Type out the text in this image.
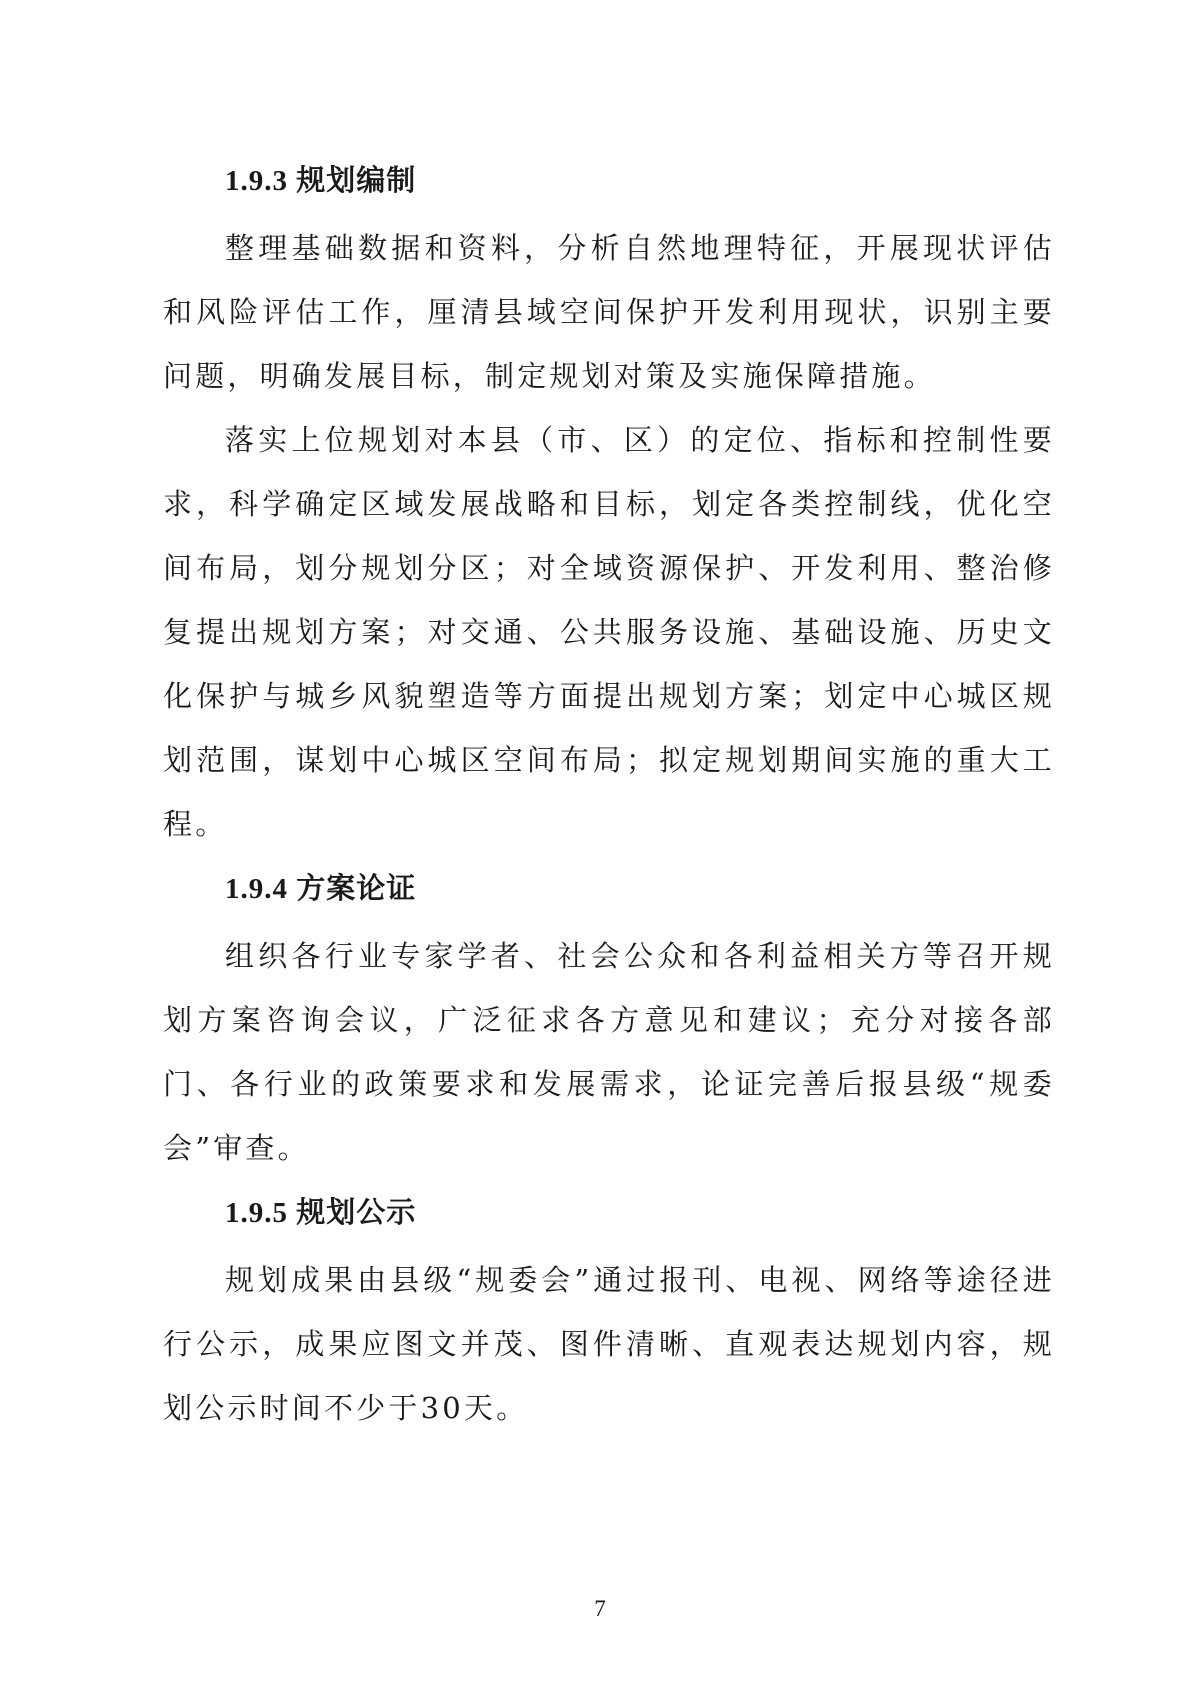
1.9.3 规划编制

整理基础数据和资料，分析自然地理特征，开展现状评估和风险评估工作，厘清县域空间保护开发利用现状，识别主要问题，明确发展目标，制定规划对策及实施保障措施。

落实上位规划对本县（市、区）的定位、指标和控制性要求，科学确定区域发展战略和目标，划定各类控制线，优化空间布局，划分规划分区；对全域资源保护、开发利用、整治修复提出规划方案；对交通、公共服务设施、基础设施、历史文化保护与城乡风貌塑造等方面提出规划方案；划定中心城区规划范围，谋划中心城区空间布局；拟定规划期间实施的重大工程。

1.9.4 方案论证

组织各行业专家学者、社会公众和各利益相关方等召开规划方案咨询会议，广泛征求各方意见和建议；充分对接各部门、各行业的政策要求和发展需求，论证完善后报县级“规委会”审查。

1.9.5 规划公示

规划成果由县级“规委会”通过报刊、电视、网络等途径进行公示，成果应图文并茂、图件清晰、直观表达规划内容，规划公示时间不少于30天。

7
